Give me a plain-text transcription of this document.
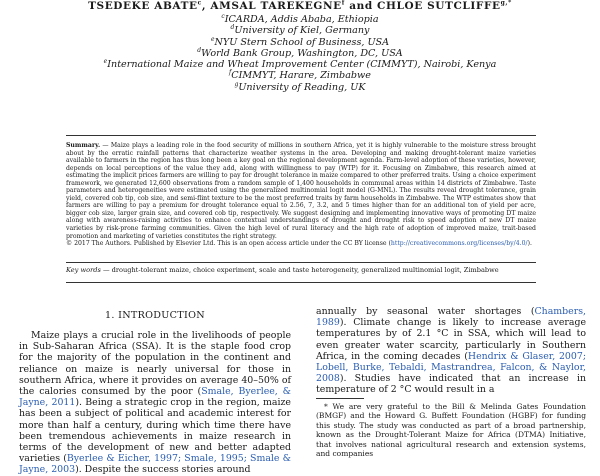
TSEDEKE ABATE$^c$, AMSAL TAREKEGNE$^f$ and CHLOE $SUTCLIFFE^{g,*}$
$^c$ICARDA, Addis Ababa, Ethiopia
$^d$University of Kiel, Germany
$^e$NYU Stern School of Business, USA
$^d$World Bank Group, Washington, DC, USA
$^e$International Maize and Wheat Improvement Center (CIMMYT), Nairobi, Kenya
$^f$CIMMYT, Harare, Zimbabwe
$^g$University of Reading, UK
Summary. — Maize plays a leading role in the food security of millions in southern Africa, yet it is highly vulnerable to the moisture stress brought about by the erratic rainfall patterns that characterize weather systems in the area. Developing and making drought-tolerant maize varieties available to farmers in the region has thus long been a key goal on the regional development agenda. Farm-level adoption of these varieties, however, depends on local perceptions of the value they add, along with willingness to pay (WTP) for it. Focusing on Zimbabwe, this research aimed at estimating the implicit prices farmers are willing to pay for drought tolerance in maize compared to other preferred traits. Using a choice experiment framework, we generated 12,600 observations from a random sample of 1,400 households in communal areas within 14 districts of Zimbabwe. Taste parameters and heterogeneities were estimated using the generalized multinomial logit model (G-MNL). The results reveal drought tolerance, grain yield, covered cob tip, cob size, and semi-flint texture to be the most preferred traits by farm households in Zimbabwe. The WTP estimates show that farmers are willing to pay a premium for drought tolerance equal to 2.56, 7, 3.2, and 5 times higher than for an additional ton of yield per acre, bigger cob size, larger grain size, and covered cob tip, respectively. We suggest designing and implementing innovative ways of promoting DT maize along with awareness-raising activities to enhance contextual understandings of drought and drought risk to speed adoption of new DT maize varieties by risk-prone farming communities. Given the high level of rural literacy and the high rate of adoption of improved maize, trait-based promotion and marketing of varieties constitutes the right strategy.
© 2017 The Authors. Published by Elsevier Ltd. This is an open access article under the CC BY license (http://creativecommons.org/licenses/by/4.0/).
Key words — drought-tolerant maize, choice experiment, scale and taste heterogeneity, generalized multinomial logit, Zimbabwe
1. INTRODUCTION

Maize plays a crucial role in the livelihoods of people in Sub-Saharan Africa (SSA). It is the staple food crop for the majority of the population in the continent and reliance on maize is nearly universal for those in southern Africa, where it provides on average 40–50% of the calories consumed by the poor (Smale, Byerlee, & Jayne, 2011). Being a strategic crop in the region, maize has been a subject of political and academic interest for more than half a century, during which time there have been tremendous achievements in maize research in terms of the development of new and better adapted varieties (Byerlee & Eicher, 1997; Smale, 1995; Smale & Jayne, 2003). Despite the success stories around

annually by seasonal water shortages (Chambers, 1989). Climate change is likely to increase average temperatures by of 2.1 °C in SSA, which will lead to even greater water scarcity, particularly in Southern Africa, in the coming decades (Hendrix & Glaser, 2007; Lobell, Burke, Tebaldi, Mastrandrea, Falcon, & Naylor, 2008). Studies have indicated that an increase in temperature of 2 °C would result in a

* We are very grateful to the Bill & Melinda Gates Foundation (BMGF) and the Howard G. Buffett Foundation (HGBF) for funding this study. The study was conducted as part of a broad partnership, known as the Drought-Tolerant Maize for Africa (DTMA) Initiative, that involves national agricultural research and extension systems, and companies
